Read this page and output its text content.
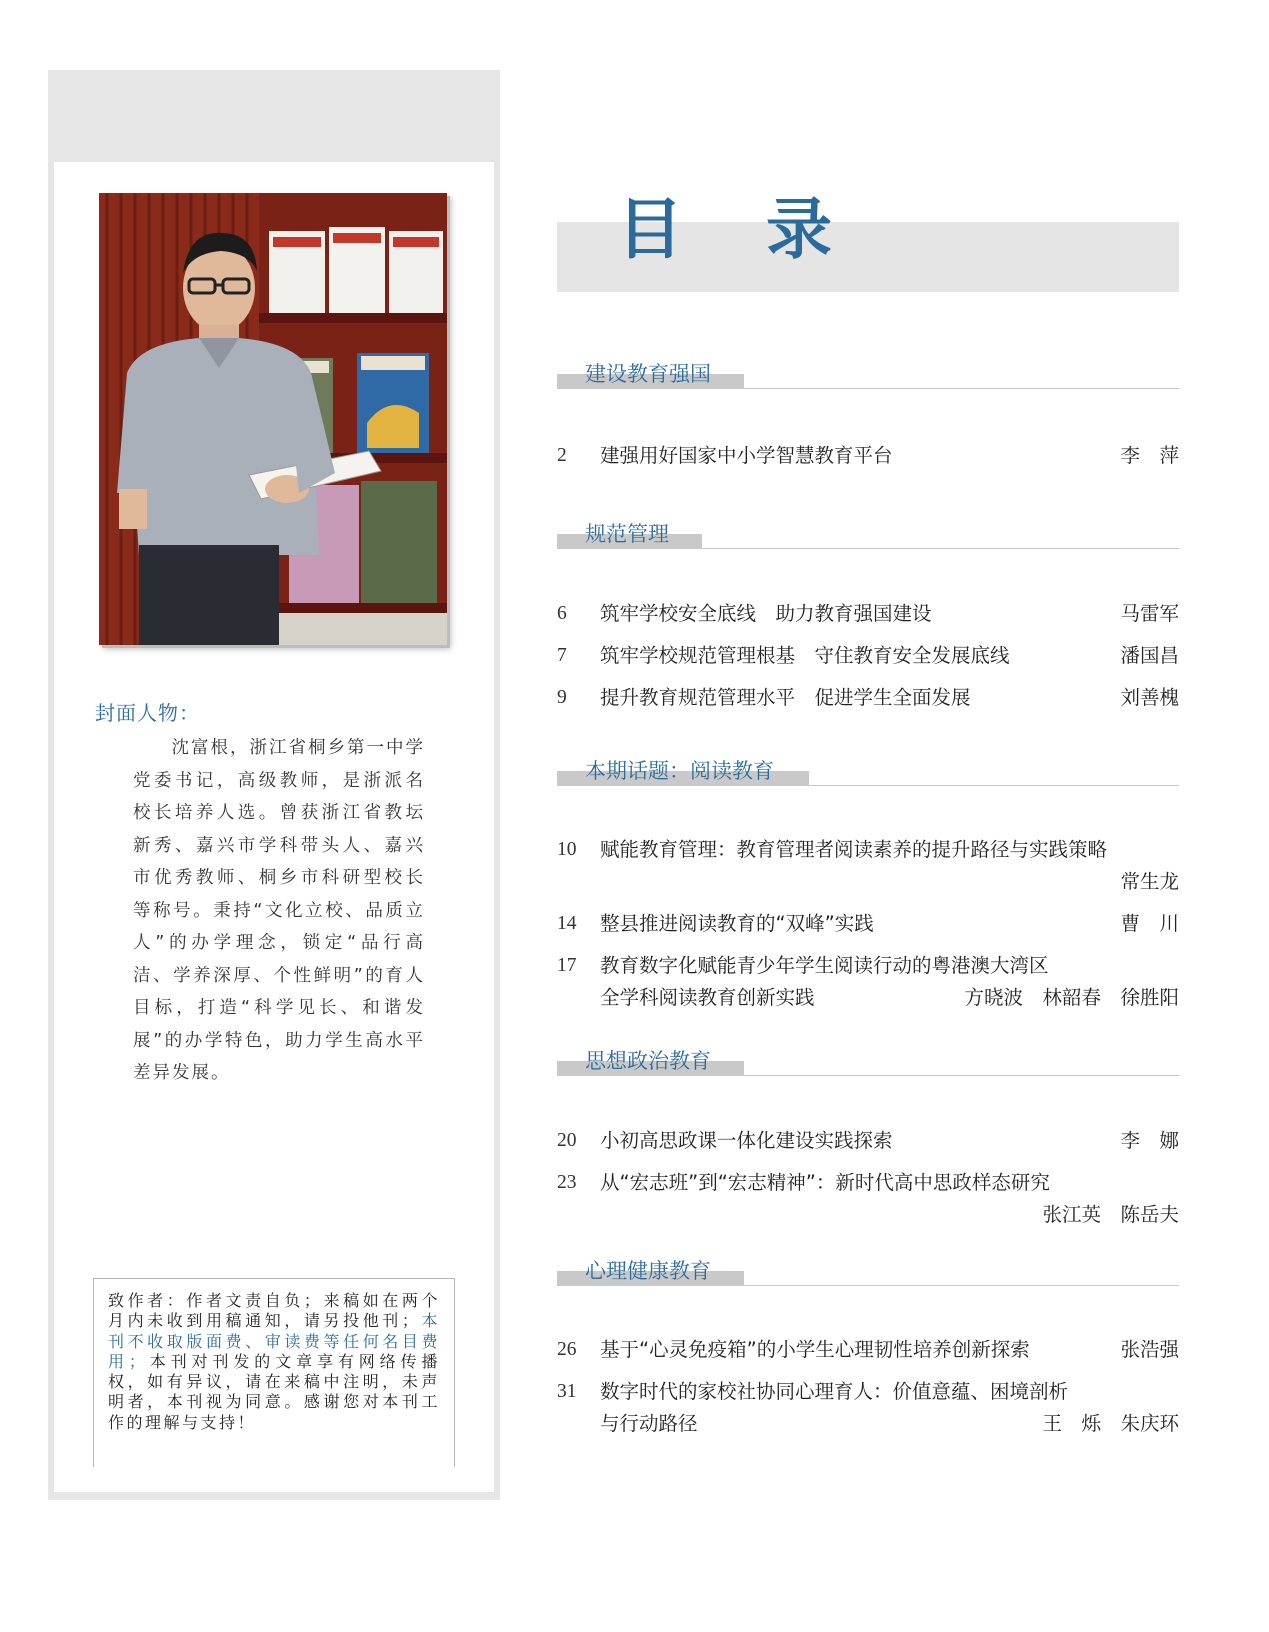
封面人物：

沈富根，浙江省桐乡第一中学党委书记，高级教师，是浙派名校长培养人选。曾获浙江省教坛新秀、嘉兴市学科带头人、嘉兴市优秀教师、桐乡市科研型校长等称号。秉持“文化立校、品质立人”的办学理念，锁定“品行高洁、学养深厚、个性鲜明”的育人目标，打造“科学见长、和谐发展”的办学特色，助力学生高水平差异发展。

致作者：作者文责自负；来稿如在两个月内未收到用稿通知，请另投他刊；本刊不收取版面费、审读费等任何名目费用；本刊对刊发的文章享有网络传播权，如有异议，请在来稿中注明，未声明者，本刊视为同意。感谢您对本刊工作的理解与支持！
目 录
建设教育强国
2 建强用好国家中小学智慧教育平台	李　萍
规范管理
6 筑牢学校安全底线　助力教育强国建设	马雷军
7 筑牢学校规范管理根基　守住教育安全发展底线	潘国昌
9 提升教育规范管理水平　促进学生全面发展	刘善槐
本期话题：阅读教育
10 赋能教育管理：教育管理者阅读素养的提升路径与实践策略
常生龙
14 整县推进阅读教育的“双峰”实践	曹　川
17 教育数字化赋能青少年学生阅读行动的粤港澳大湾区
全学科阅读教育创新实践	方晓波　林韶春　徐胜阳
思想政治教育
20 小初高思政课一体化建设实践探索	李　娜
23 从“宏志班”到“宏志精神”：新时代高中思政样态研究
张江英　陈岳夫
心理健康教育
26 基于“心灵免疫箱”的小学生心理韧性培养创新探索	张浩强
31 数字时代的家校社协同心理育人：价值意蕴、困境剖析
与行动路径	王　烁　朱庆环
